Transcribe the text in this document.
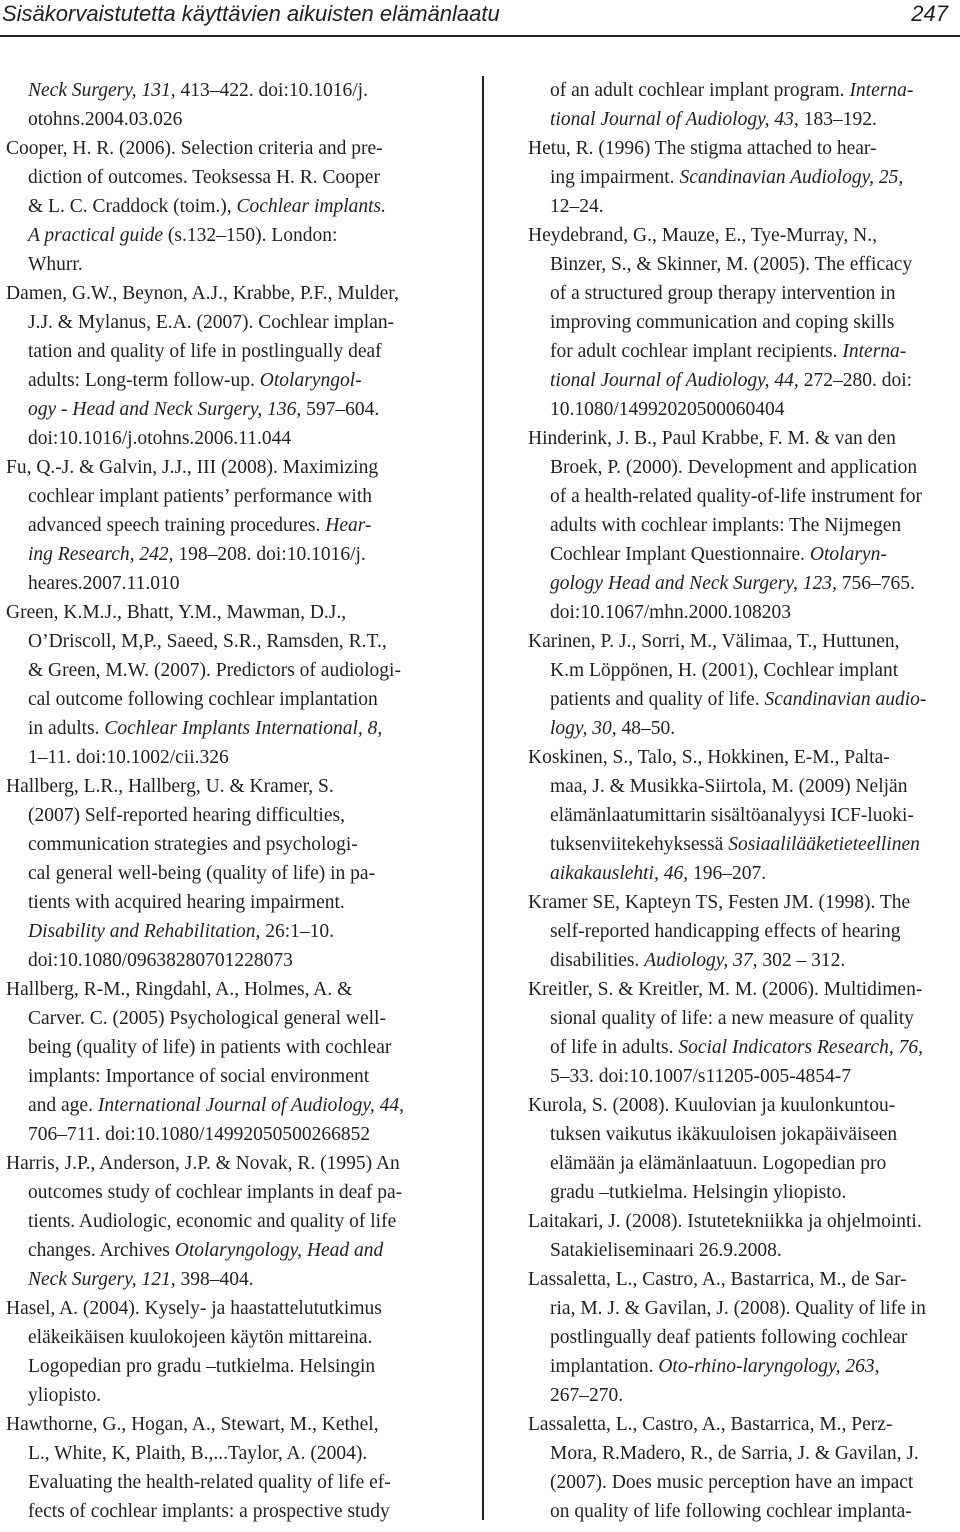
Sisäkorvaistutetta käyttävien aikuisten elämänlaatu	247
Neck Surgery, 131, 413–422. doi:10.1016/j.
otohns.2004.03.026
Cooper, H. R. (2006). Selection criteria and pre-
diction of outcomes. Teoksessa H. R. Cooper
& L. C. Craddock (toim.), Cochlear implants.
A practical guide (s.132–150). London:
Whurr.
Damen, G.W., Beynon, A.J., Krabbe, P.F., Mulder,
J.J. & Mylanus, E.A. (2007). Cochlear implan-
tation and quality of life in postlingually deaf
adults: Long-term follow-up. Otolaryngol-
ogy - Head and Neck Surgery, 136, 597–604.
doi:10.1016/j.otohns.2006.11.044
Fu, Q.-J. & Galvin, J.J., III (2008). Maximizing
cochlear implant patients’ performance with
advanced speech training procedures. Hear-
ing Research, 242, 198–208. doi:10.1016/j.
heares.2007.11.010
Green, K.M.J., Bhatt, Y.M., Mawman, D.J.,
O’Driscoll, M,P., Saeed, S.R., Ramsden, R.T.,
& Green, M.W. (2007). Predictors of audiologi-
cal outcome following cochlear implantation
in adults. Cochlear Implants International, 8,
1–11. doi:10.1002/cii.326
Hallberg, L.R., Hallberg, U. & Kramer, S.
(2007) Self-reported hearing difficulties,
communication strategies and psychologi-
cal general well-being (quality of life) in pa-
tients with acquired hearing impairment.
Disability and Rehabilitation, 26:1–10.
doi:10.1080/09638280701228073
Hallberg, R-M., Ringdahl, A., Holmes, A. &
Carver. C. (2005) Psychological general well-
being (quality of life) in patients with cochlear
implants: Importance of social environment
and age. International Journal of Audiology, 44,
706–711. doi:10.1080/14992050500266852
Harris, J.P., Anderson, J.P. & Novak, R. (1995) An
outcomes study of cochlear implants in deaf pa-
tients. Audiologic, economic and quality of life
changes. Archives Otolaryngology, Head and
Neck Surgery, 121, 398–404.
Hasel, A. (2004). Kysely- ja haastattelututkimus
eläkeikäisen kuulokojeen käytön mittareina.
Logopedian pro gradu –tutkielma. Helsingin
yliopisto.
Hawthorne, G., Hogan, A., Stewart, M., Kethel,
L., White, K, Plaith, B.,...Taylor, A. (2004).
Evaluating the health-related quality of life ef-
fects of cochlear implants: a prospective study
of an adult cochlear implant program. Interna-
tional Journal of Audiology, 43, 183–192.
Hetu, R. (1996) The stigma attached to hear-
ing impairment. Scandinavian Audiology, 25,
12–24.
Heydebrand, G., Mauze, E., Tye-Murray, N.,
Binzer, S., & Skinner, M. (2005). The efficacy
of a structured group therapy intervention in
improving communication and coping skills
for adult cochlear implant recipients. Interna-
tional Journal of Audiology, 44, 272–280. doi:
10.1080/14992020500060404
Hinderink, J. B., Paul Krabbe, F. M. & van den
Broek, P. (2000). Development and application
of a health-related quality-of-life instrument for
adults with cochlear implants: The Nijmegen
Cochlear Implant Questionnaire. Otolaryn-
gology Head and Neck Surgery, 123, 756–765.
doi:10.1067/mhn.2000.108203
Karinen, P. J., Sorri, M., Välimaa, T., Huttunen,
K.m Löppönen, H. (2001), Cochlear implant
patients and quality of life. Scandinavian audio-
logy, 30, 48–50.
Koskinen, S., Talo, S., Hokkinen, E-M., Palta-
maa, J. & Musikka-Siirtola, M. (2009) Neljän
elämänlaatumittarin sisältöanalyysi ICF-luoki-
tuksenviitekehyksessä Sosiaalilääketieteellinen
aikakauslehti, 46, 196–207.
Kramer SE, Kapteyn TS, Festen JM. (1998). The
self-reported handicapping effects of hearing
disabilities. Audiology, 37, 302 – 312.
Kreitler, S. & Kreitler, M. M. (2006). Multidimen-
sional quality of life: a new measure of quality
of life in adults. Social Indicators Research, 76,
5–33. doi:10.1007/s11205-005-4854-7
Kurola, S. (2008). Kuulovian ja kuulonkuntou-
tuksen vaikutus ikäkuuloisen jokapäiväiseen
elämään ja elämänlaatuun. Logopedian pro
gradu –tutkielma. Helsingin yliopisto.
Laitakari, J. (2008). Istutetekniikka ja ohjelmointi.
Satakieliseminaari 26.9.2008.
Lassaletta, L., Castro, A., Bastarrica, M., de Sar-
ria, M. J. & Gavilan, J. (2008). Quality of life in
postlingually deaf patients following cochlear
implantation. Oto-rhino-laryngology, 263,
267–270.
Lassaletta, L., Castro, A., Bastarrica, M., Perz-
Mora, R.Madero, R., de Sarria, J. & Gavilan, J.
(2007). Does music perception have an impact
on quality of life following cochlear implanta-
